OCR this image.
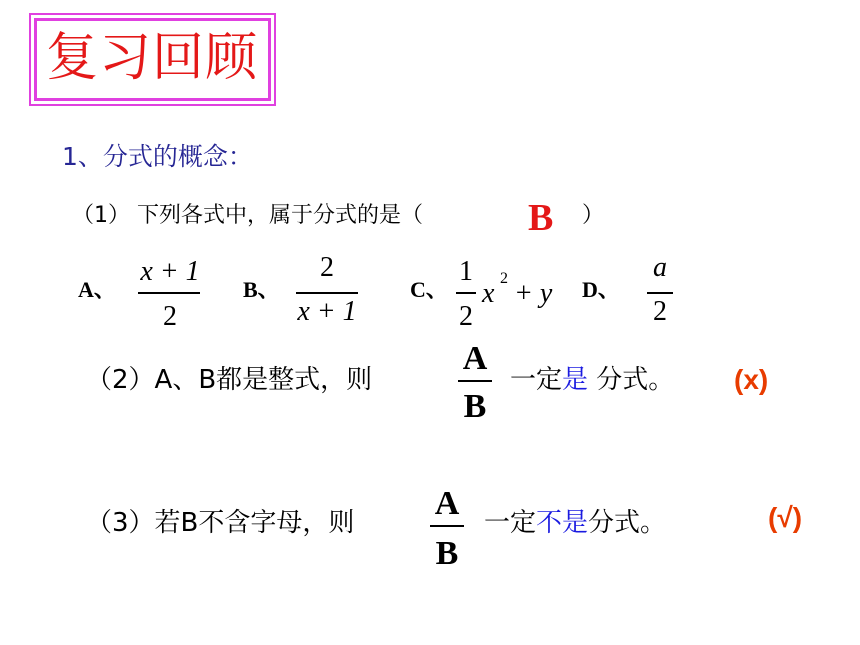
复习回顾
1、分式的概念：
（1） 下列各式中，属于分式的是（	B ）
A、
x + 1
2
B、
2
x + 1
C、
1
2
x 2 + y D、
a
2
（2）A、B都是整式，则
A
B
一定是 分式。 (x)
（3）若B不含字母，则
A
B
一定不是分式。	(√)
